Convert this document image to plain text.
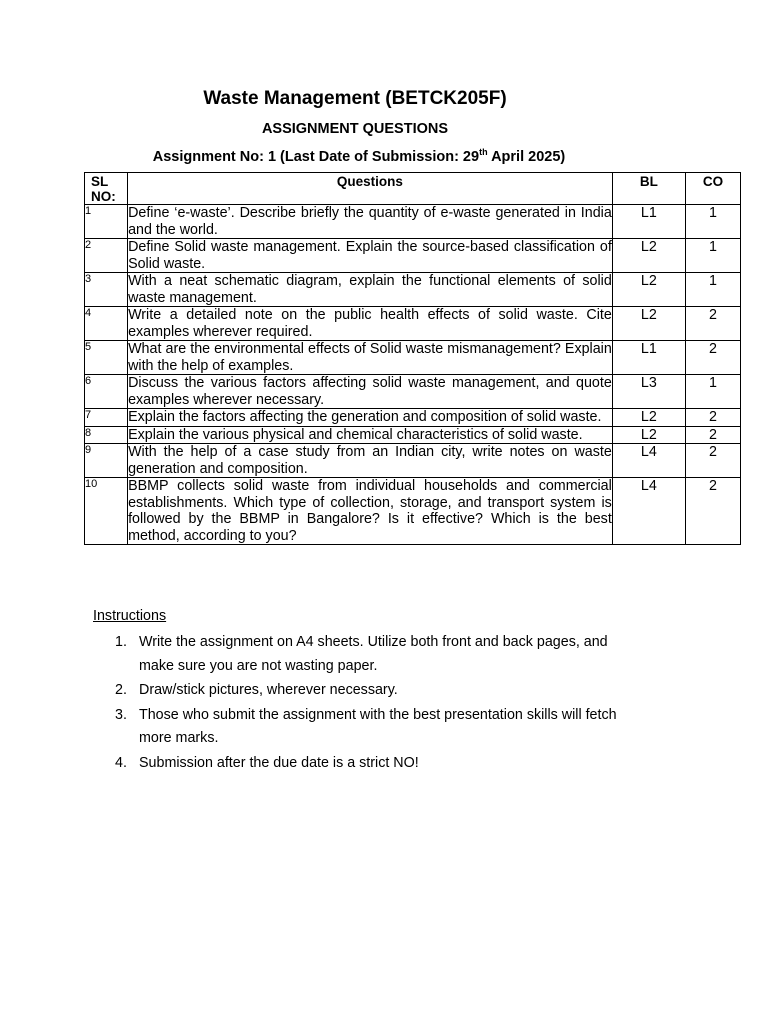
Waste Management (BETCK205F)
ASSIGNMENT QUESTIONS
Assignment No: 1 (Last Date of Submission: 29th April 2025)
SL
NO:	Questions	BL	CO

1	Define ‘e-waste’. Describe briefly the quantity of e-waste generated in India and the world.	L1	1
2	Define Solid waste management. Explain the source-based classification of Solid waste.	L2	1
3	With a neat schematic diagram, explain the functional elements of solid waste management.	L2	1
4	Write a detailed note on the public health effects of solid waste. Cite examples wherever required.	L2	2
5	What are the environmental effects of Solid waste mismanagement? Explain with the help of examples.	L1	2
6	Discuss the various factors affecting solid waste management, and quote examples wherever necessary.	L3	1
7	Explain the factors affecting the generation and composition of solid waste.	L2	2
8	Explain the various physical and chemical characteristics of solid waste.	L2	2
9	With the help of a case study from an Indian city, write notes on waste generation and composition.	L4	2
10	BBMP collects solid waste from individual households and commercial establishments. Which type of collection, storage, and transport system is followed by the BBMP in Bangalore? Is it effective? Which is the best method, according to you?	L4	2
Instructions
1. Write the assignment on A4 sheets. Utilize both front and back pages, and make sure you are not wasting paper.
2. Draw/stick pictures, wherever necessary.
3. Those who submit the assignment with the best presentation skills will fetch more marks.
4. Submission after the due date is a strict NO!
